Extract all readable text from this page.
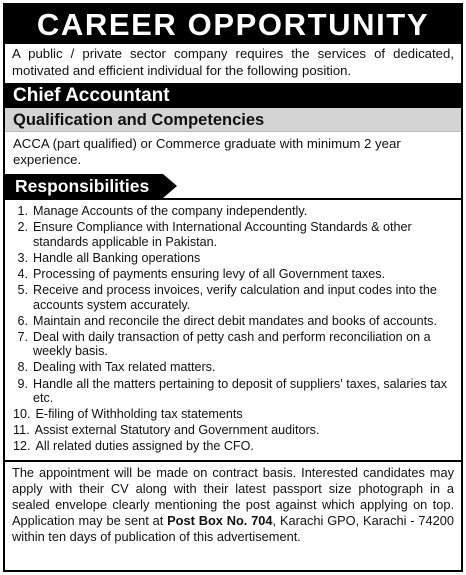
CAREER OPPORTUNITY

A public / private sector company requires the services of dedicated, motivated and efficient individual for the following position.

Chief Accountant
Qualification and Competencies

ACCA (part qualified) or Commerce graduate with minimum 2 year experience.

Responsibilities
1. Manage Accounts of the company independently.
2. Ensure Compliance with International Accounting Standards & other standards applicable in Pakistan.
3. Handle all Banking operations
4. Processing of payments ensuring levy of all Government taxes.
5. Receive and process invoices, verify calculation and input codes into the accounts system accurately.
6. Maintain and reconcile the direct debit mandates and books of accounts.
7. Deal with daily transaction of petty cash and perform reconciliation on a weekly basis.
8. Dealing with Tax related matters.
9. Handle all the matters pertaining to deposit of suppliers' taxes, salaries tax etc.
10. E-filing of Withholding tax statements
11. Assist external Statutory and Government auditors.
12. All related duties assigned by the CFO.

The appointment will be made on contract basis. Interested candidates may apply with their CV along with their latest passport size photograph in a sealed envelope clearly mentioning the post against which applying on top. Application may be sent at Post Box No. 704, Karachi GPO, Karachi - 74200 within ten days of publication of this advertisement.
